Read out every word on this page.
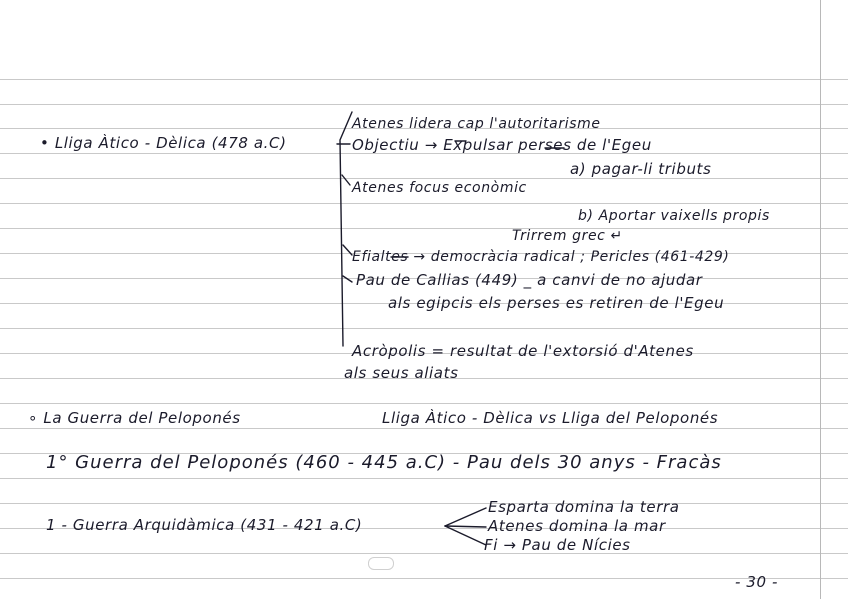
• Lliga Àtico - Dèlica (478 a.C)
Atenes lidera cap l'autoritarisme
Objectiu → Expulsar perses de l'Egeu
a) pagar-li tributs
Atenes focus econòmic
b) Aportar vaixells propis
Trirrem grec ↵
Efialtes → democràcia radical ; Pericles (461-429)
Pau de Callias (449) _ a canvi de no ajudar
als egipcis els perses es retiren de l'Egeu
Acròpolis = resultat de l'extorsió d'Atenes
als seus aliats
∘ La Guerra del Peloponés	Lliga Àtico - Dèlica vs Lliga del Peloponés
1° Guerra del Peloponés (460 - 445 a.C) - Pau dels 30 anys - Fracàs
1 - Guerra Arquidàmica (431 - 421 a.C)
Esparta domina la terra
Atenes domina la mar
Fi → Pau de Nícies
- 30 -
